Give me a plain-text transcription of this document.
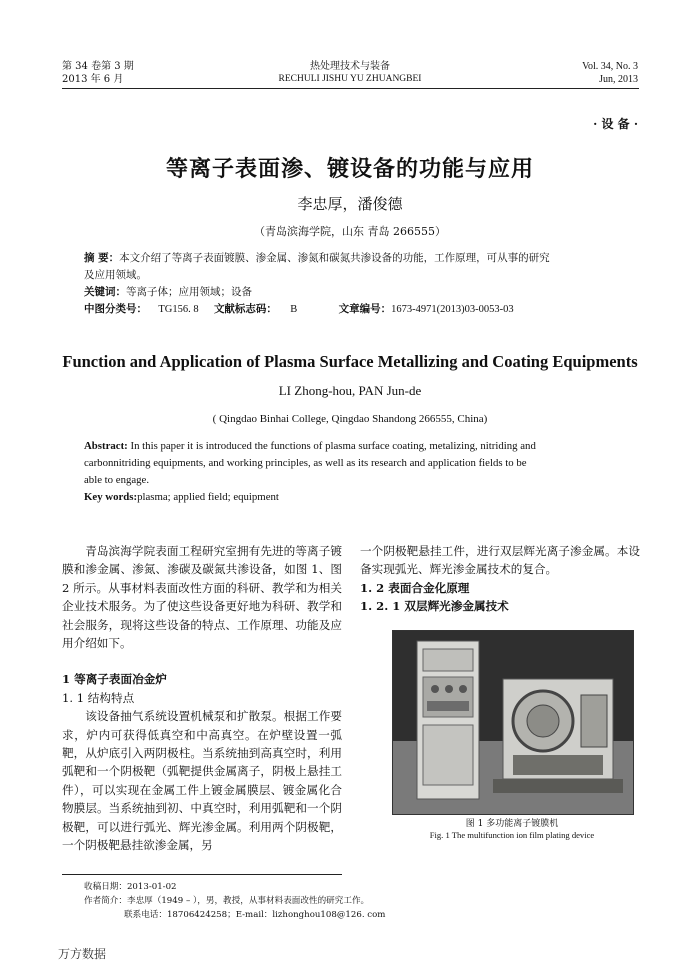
第 34 卷第 3 期
2013 年 6 月
热处理技术与装备
RECHULI JISHU YU ZHUANGBEI
Vol. 34, No. 3
Jun, 2013
· 设 备 ·
等离子表面渗、镀设备的功能与应用
李忠厚，潘俊德
（青岛滨海学院，山东 青岛 266555）
摘 要：本文介绍了等离子表面镀膜、渗金属、渗氮和碳氮共渗设备的功能，工作原理，可从事的研究
及应用领域。
关键词：等离子体；应用领域；设备
中图分类号： TG156. 8 文献标志码： B	文章编号：1673-4971(2013)03-0053-03
Function and Application of Plasma Surface Metallizing and Coating Equipments
LI Zhong-hou, PAN Jun-de
( Qingdao Binhai College, Qingdao Shandong 266555, China)
Abstract: In this paper it is introduced the functions of plasma surface coating, metalizing, nitriding and
carbonnitriding equipments, and working principles, as well as its research and application fields to be
able to engage.
Key words:plasma; applied field; equipment

青岛滨海学院表面工程研究室拥有先进的等离子镀膜和渗金属、渗氮、渗碳及碳氮共渗设备，如图 1、图 2 所示。从事材料表面改性方面的科研、教学和为相关企业技术服务。为了使这些设备更好地为科研、教学和社会服务，现将这些设备的特点、工作原理、功能及应用介绍如下。

1 等离子表面冶金炉
1. 1 结构特点

该设备抽气系统设置机械泵和扩散泵。根据工作要求，炉内可获得低真空和中高真空。在炉壁设置一弧靶，从炉底引入两阴极柱。当系统抽到高真空时，利用弧靶和一个阴极靶（弧靶提供金属离子，阴极上悬挂工件），可以实现在金属工件上镀金属膜层、镀金属化合物膜层。当系统抽到初、中真空时，利用弧靶和一个阴极靶，可以进行弧光、辉光渗金属。利用两个阴极靶，一个阴极靶悬挂欲渗金属，另

一个阴极靶悬挂工件，进行双层辉光离子渗金属。本设备实现弧光、辉光渗金属技术的复合。

1. 2 表面合金化原理
1. 2. 1 双层辉光渗金属技术
图 1 多功能离子镀膜机
Fig. 1 The multifunction ion film plating device
收稿日期：2013-01-02
作者简介：李忠厚（1949 – ），男，教授，从事材料表面改性的研究工作。
联系电话：18706424258；E-mail：lizhonghou108@126. com
万方数据
